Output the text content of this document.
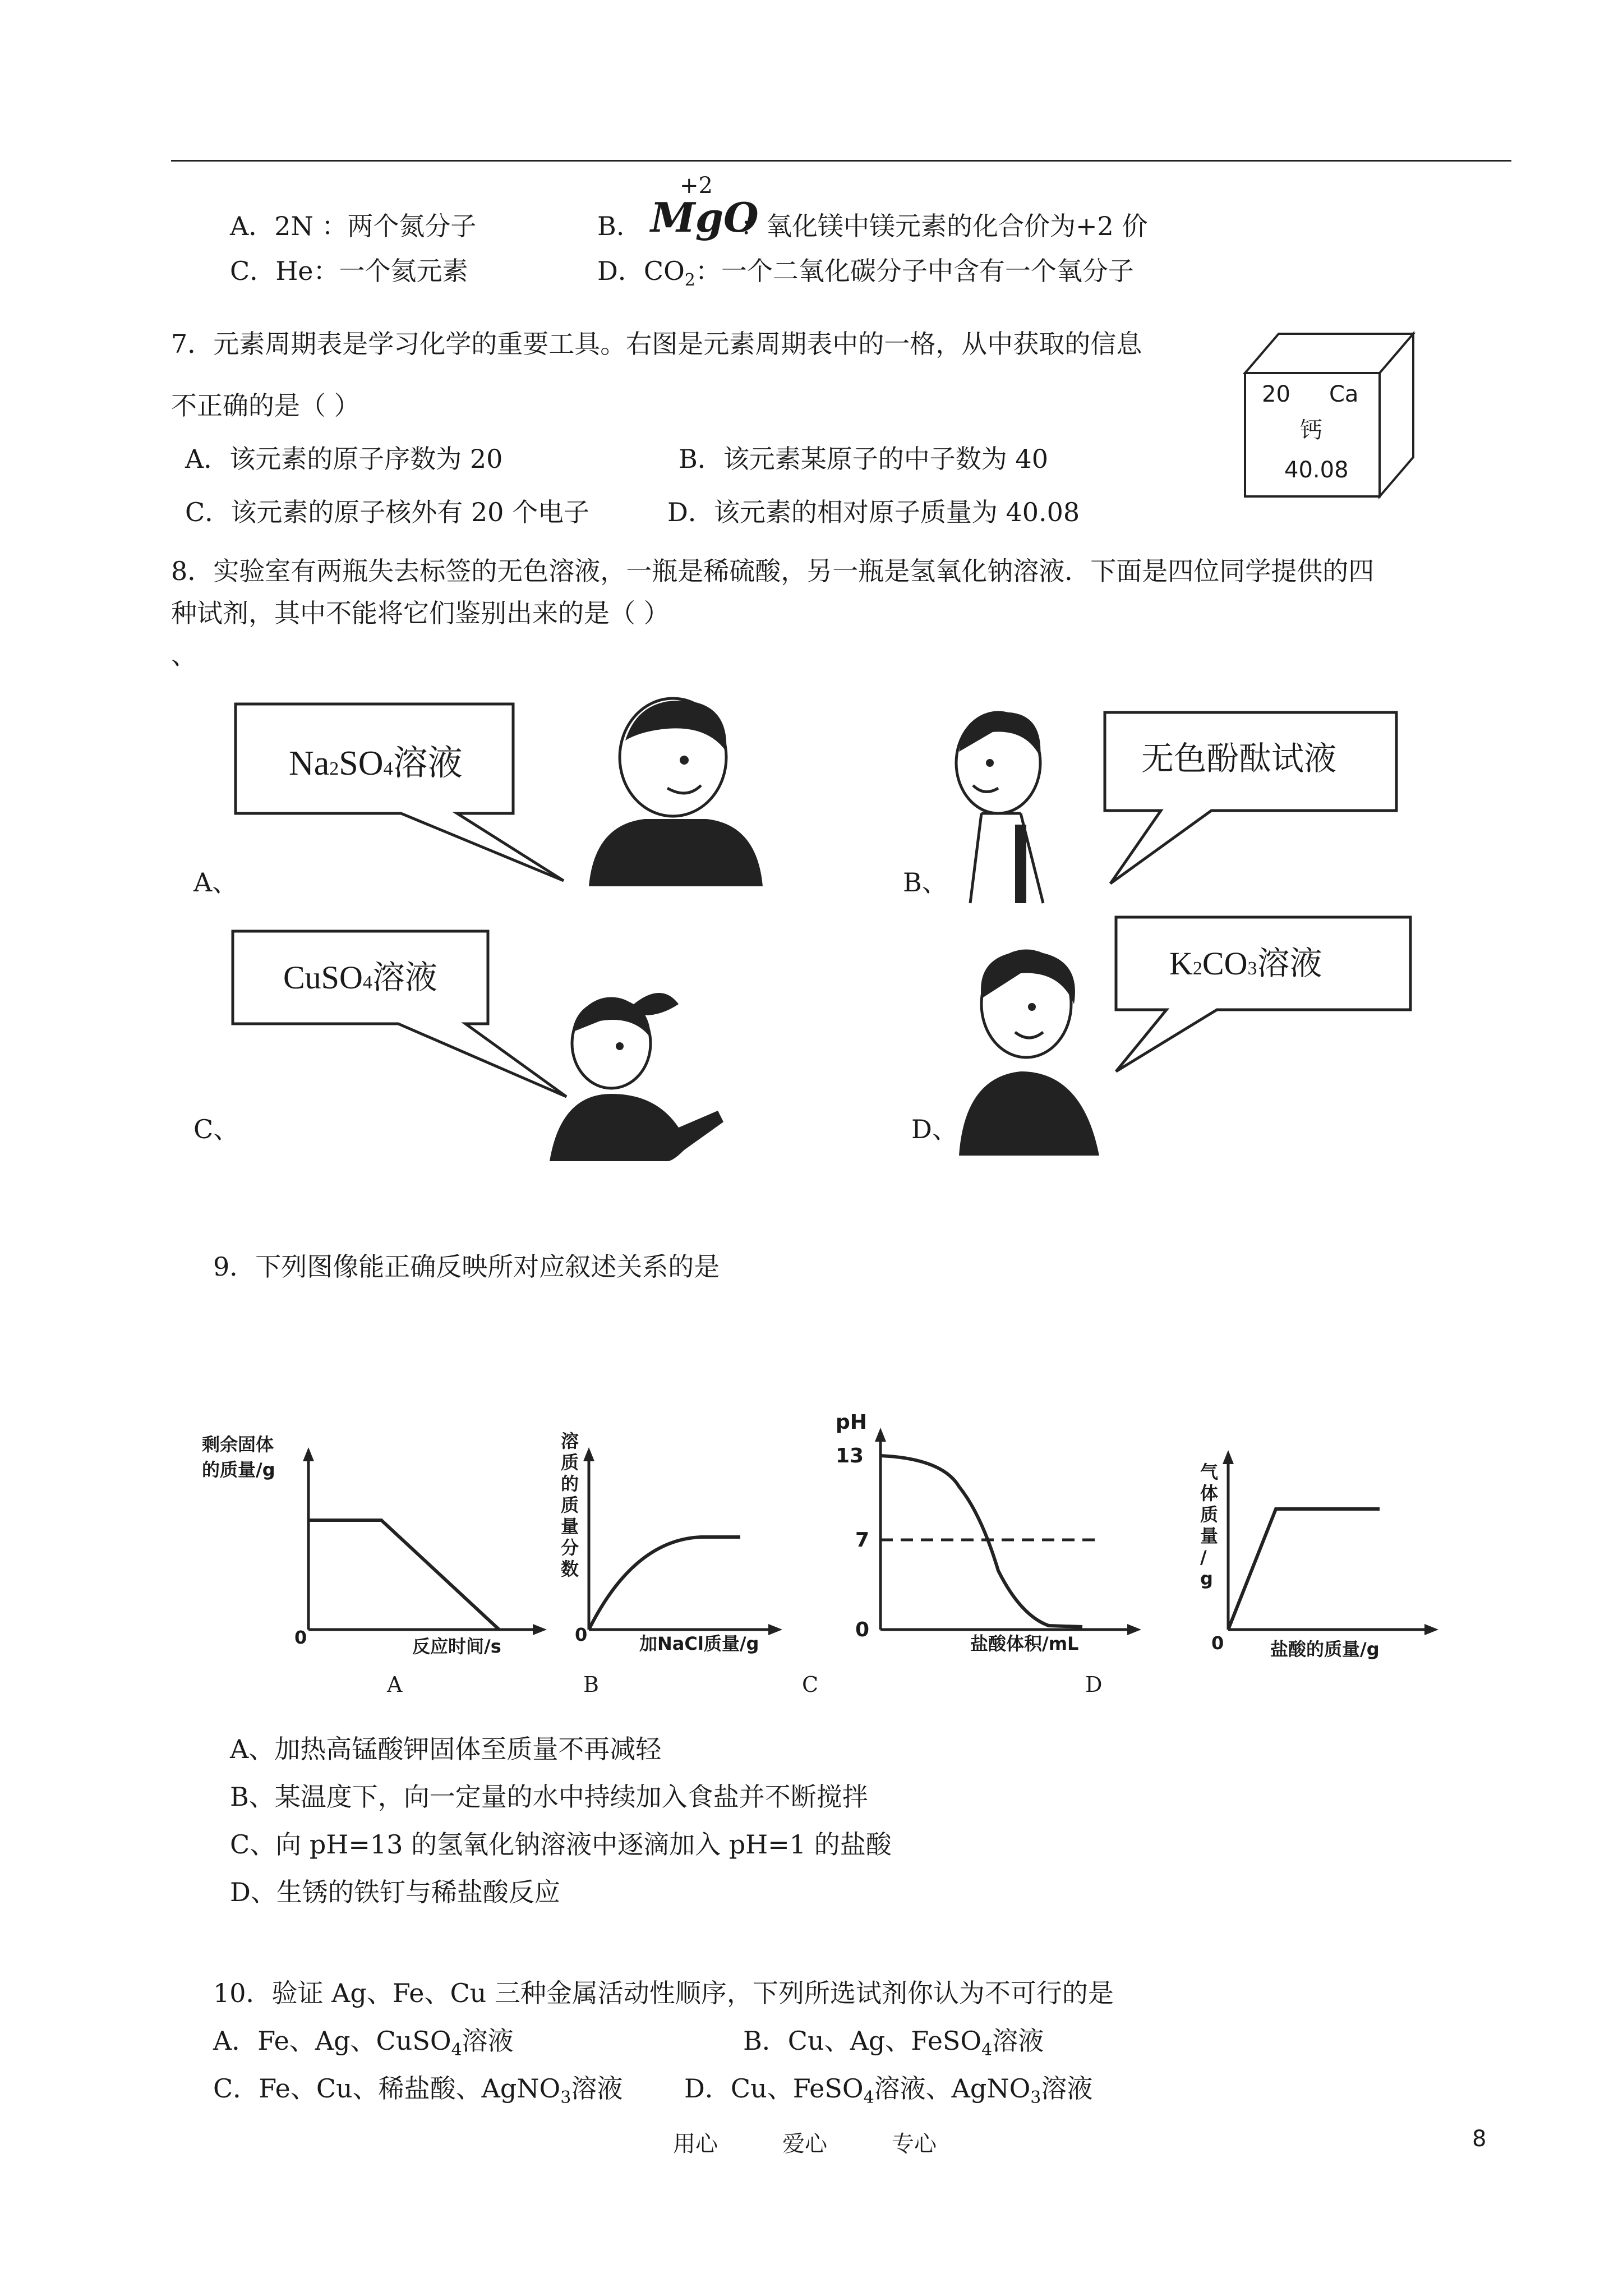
A．2N ：两个氮分子	B.
+2
MgO
：氧化镁中镁元素的化合价为+2 价
C．He：一个氦元素	D．$CO_2$：一个二氧化碳分子中含有一个氧分子
7．元素周期表是学习化学的重要工具。右图是元素周期表中的一格，从中获取的信息
不正确的是（ ）
A．该元素的原子序数为 20	B．该元素某原子的中子数为 40
C．该元素的原子核外有 20 个电子	D．该元素的相对原子质量为 40.08
20 Ca
钙
40.08
8．实验室有两瓶失去标签的无色溶液，一瓶是稀硫酸，另一瓶是氢氧化钠溶液．下面是四位同学提供的四
种试剂，其中不能将它们鉴别出来的是（ ）
、
Na2SO4溶液
A、
无色酚酞试液
B、
CuSO4溶液
C、
K2CO3溶液
D、
9．下列图像能正确反映所对应叙述关系的是
剩余固体
的质量/g
0	反应时间/s
A
溶
质
的
质
量
分
数
0	加NaCl质量/g
B
pH
13
7
0
盐酸体积/mL
C	D
气
体
质
量
/
g
0	盐酸的质量/g
A、加热高锰酸钾固体至质量不再减轻
B、某温度下，向一定量的水中持续加入食盐并不断搅拌
C、向 pH=13 的氢氧化钠溶液中逐滴加入 pH=1 的盐酸
D、生锈的铁钉与稀盐酸反应
10．验证 Ag、Fe、Cu 三种金属活动性顺序，下列所选试剂你认为不可行的是
A．Fe、Ag、CuSO$_4$溶液	B．Cu、Ag、FeSO$_4$溶液
C．Fe、Cu、稀盐酸、AgNO$_3$溶液 D．Cu、FeSO$_4$溶液、AgNO$_3$溶液
用心	爱心	专心	8
